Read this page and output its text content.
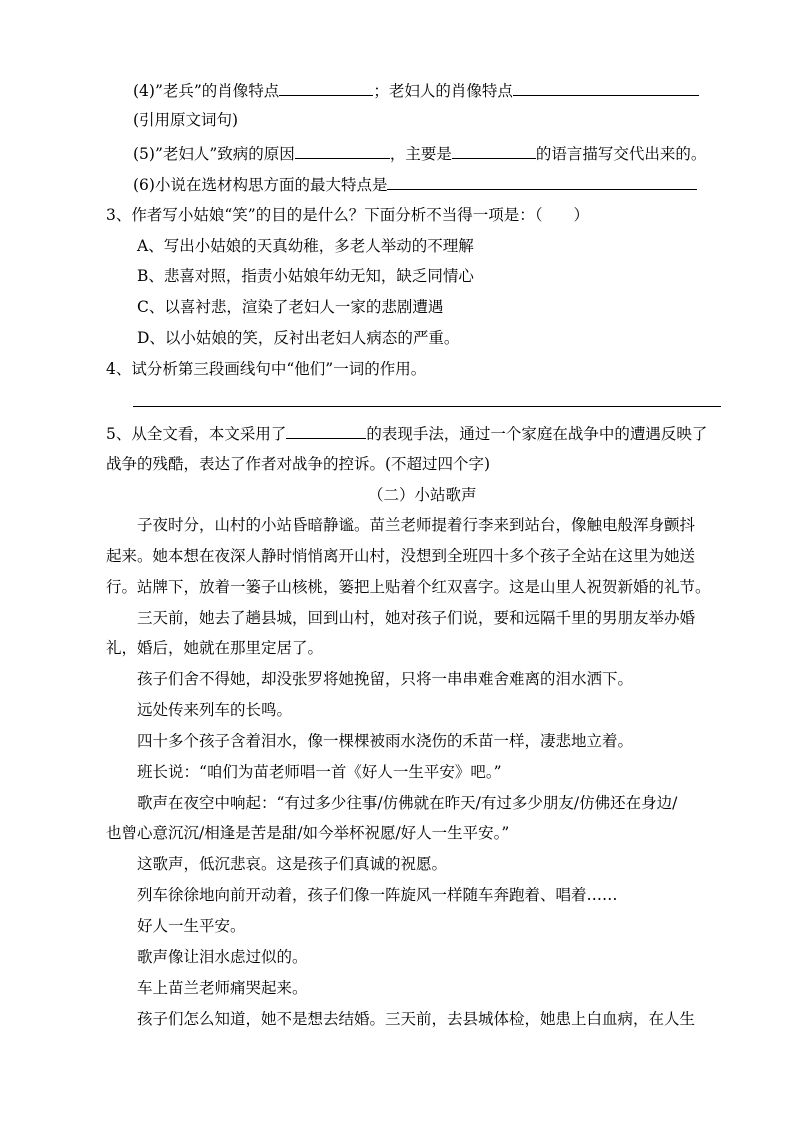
(4)”老兵”的肖像特点	；老妇人的肖像特点
(引用原文词句)
(5)”老妇人”致病的原因	，主要是	的语言描写交代出来的。
(6)小说在选材构思方面的最大特点是
3、作者写小姑娘“笑”的目的是什么？下面分析不当得一项是：（　　）
A、写出小姑娘的天真幼稚，多老人举动的不理解
B、悲喜对照，指责小姑娘年幼无知，缺乏同情心
C、以喜衬悲，渲染了老妇人一家的悲剧遭遇
D、以小姑娘的笑，反衬出老妇人病态的严重。
4、试分析第三段画线句中“他们”一词的作用。
5、从全文看，本文采用了	的表现手法，通过一个家庭在战争中的遭遇反映了
战争的残酷，表达了作者对战争的控诉。(不超过四个字)
（二）小站歌声
子夜时分，山村的小站昏暗静谧。苗兰老师提着行李来到站台，像触电般浑身颤抖
起来。她本想在夜深人静时悄悄离开山村，没想到全班四十多个孩子全站在这里为她送
行。站牌下，放着一篓子山核桃，篓把上贴着个红双喜字。这是山里人祝贺新婚的礼节。
三天前，她去了趟县城，回到山村，她对孩子们说，要和远隔千里的男朋友举办婚
礼，婚后，她就在那里定居了。
孩子们舍不得她，却没张罗将她挽留，只将一串串难舍难离的泪水洒下。
远处传来列车的长鸣。
四十多个孩子含着泪水，像一棵棵被雨水浇伤的禾苗一样，凄悲地立着。
班长说：“咱们为苗老师唱一首《好人一生平安》吧。”
歌声在夜空中响起：“有过多少往事/仿佛就在昨天/有过多少朋友/仿佛还在身边/
也曾心意沉沉/相逢是苦是甜/如今举杯祝愿/好人一生平安。”
这歌声，低沉悲哀。这是孩子们真诚的祝愿。
列车徐徐地向前开动着，孩子们像一阵旋风一样随车奔跑着、唱着……
好人一生平安。
歌声像让泪水虑过似的。
车上苗兰老师痛哭起来。
孩子们怎么知道，她不是想去结婚。三天前，去县城体检，她患上白血病，在人生
